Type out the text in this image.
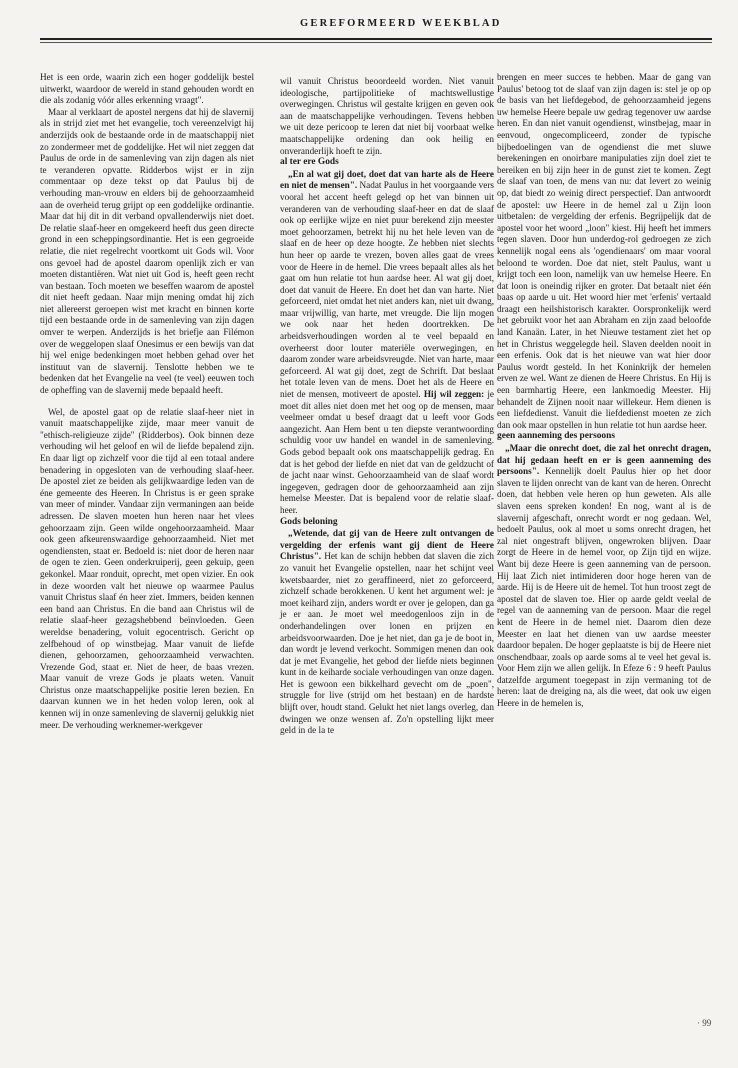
GEREFORMEERD WEEKBLAD

Het is een orde, waarin zich een hoger goddelijk bestel uitwerkt, waardoor de wereld in stand gehouden wordt en die als zodanig vóór alles erkenning vraagt".

Maar al verklaart de apostel nergens dat hij de slavernij als in strijd ziet met het evangelie, toch vereenzelvigt hij anderzijds ook de bestaande orde in de maatschappij niet zo zondermeer met de goddelijke. Het wil niet zeggen dat Paulus de orde in de samenleving van zijn dagen als niet te veranderen opvatte. Ridderbos wijst er in zijn commentaar op deze tekst op dat Paulus bij de verhouding man-vrouw en elders bij de gehoorzaamheid aan de overheid terug grijpt op een goddelijke ordinantie. Maar dat hij dit in dit verband opvallenderwijs niet doet. De relatie slaaf-heer en omgekeerd heeft dus geen directe grond in een scheppingsordinantie. Het is een gegroeide relatie, die niet regelrecht voortkomt uit Gods wil. Voor ons gevoel had de apostel daarom openlijk zich er van moeten distantiëren. Wat niet uit God is, heeft geen recht van bestaan. Toch moeten we beseffen waarom de apostel dit niet heeft gedaan. Naar mijn mening omdat hij zich niet allereerst geroepen wist met kracht en binnen korte tijd een bestaande orde in de samenleving van zijn dagen omver te werpen. Anderzijds is het briefje aan Filémon over de weggelopen slaaf Onesimus er een bewijs van dat hij wel enige bedenkingen moet hebben gehad over het instituut van de slavernij. Tenslotte hebben we te bedenken dat het Evangelie na veel (te veel) eeuwen toch de opheffing van de slavernij mede bepaald heeft.

Wel, de apostel gaat op de relatie slaaf-heer niet in vanuit maatschappelijke zijde, maar meer vanuit de "ethisch-religieuze zijde" (Ridderbos). Ook binnen deze verhouding wil het geloof en wil de liefde bepalend zijn. En daar ligt op zichzelf voor die tijd al een totaal andere benadering in opgesloten van de verhouding slaaf-heer. De apostel ziet ze beiden als gelijkwaardige leden van de éne gemeente des Heeren. In Christus is er geen sprake van meer of minder. Vandaar zijn vermaningen aan beide adressen. De slaven moeten hun heren naar het vlees gehoorzaam zijn. Geen wilde ongehoorzaamheid. Maar ook geen afkeurenswaardige gehoorzaamheid. Niet met ogendiensten, staat er. Bedoeld is: niet door de heren naar de ogen te zien. Geen onderkruiperij, geen gekuip, geen gekonkel. Maar ronduit, oprecht, met open vizier. En ook in deze woorden valt het nieuwe op waarmee Paulus vanuit Christus slaaf én heer ziet. Immers, beiden kennen een band aan Christus. En die band aan Christus wil de relatie slaaf-heer gezagshebbend beïnvloeden. Geen wereldse benadering, voluit egocentrisch. Gericht op zelfbehoud of op winstbejag. Maar vanuit de liefde dienen, gehoorzamen, gehoorzaamheid verwachten. Vrezende God, staat er. Niet de heer, de baas vrezen. Maar vanuit de vreze Gods je plaats weten. Vanuit Christus onze maatschappelijke positie leren bezien. En daarvan kunnen we in het heden volop leren, ook al kennen wij in onze samenleving de slavernij gelukkig niet meer. De verhouding werknemer-werkgever

wil vanuit Christus beoordeeld worden. Niet vanuit ideologische, partijpolitieke of machtswellustige overwegingen. Christus wil gestalte krijgen en geven ook aan de maatschappelijke verhoudingen. Tevens hebben we uit deze pericoop te leren dat niet bij voorbaat welke maatschappelijke ordening dan ook heilig en onveranderlijk hoeft te zijn.

al ter ere Gods

„En al wat gij doet, doet dat van harte als de Heere en niet de mensen". Nadat Paulus in het voorgaande vers vooral het accent heeft gelegd op het van binnen uit veranderen van de verhouding slaaf-heer en dat de slaaf ook op eerlijke wijze en niet puur berekend zijn meester moet gehoorzamen, betrekt hij nu het hele leven van de slaaf en de heer op deze hoogte. Ze hebben niet slechts hun heer op aarde te vrezen, boven alles gaat de vrees voor de Heere in de hemel. Die vrees bepaalt alles als het gaat om hun relatie tot hun aardse heer. Al wat gij doet, doet dat vanuit de Heere. En doet het dan van harte. Niet geforceerd, niet omdat het niet anders kan, niet uit dwang, maar vrijwillig, van harte, met vreugde. Die lijn mogen we ook naar het heden doortrekken. De arbeidsverhoudingen worden al te veel bepaald en overheerst door louter materiële overwegingen, en daarom zonder ware arbeidsvreugde. Niet van harte, maar geforceerd. Al wat gij doet, zegt de Schrift. Dat beslaat het totale leven van de mens. Doet het als de Heere en niet de mensen, motiveert de apostel. Hij wil zeggen: je moet dit alles niet doen met het oog op de mensen, maar veelmeer omdat u besef draagt dat u leeft voor Gods aangezicht. Aan Hem bent u ten diepste verantwoording schuldig voor uw handel en wandel in de samenleving. Gods gebod bepaalt ook ons maatschappelijk gedrag. En dat is het gebod der liefde en niet dat van de geldzucht of de jacht naar winst. Gehoorzaamheid van de slaaf wordt ingegeven, gedragen door de gehoorzaamheid aan zijn hemelse Meester. Dat is bepalend voor de relatie slaaf-heer.

Gods beloning

„Wetende, dat gij van de Heere zult ontvangen de vergelding der erfenis want gij dient de Heere Christus". Het kan de schijn hebben dat slaven die zich zo vanuit het Evangelie opstellen, naar het schijnt veel kwetsbaarder, niet zo geraffineerd, niet zo geforceerd, zichzelf schade berokkenen. U kent het argument wel: je moet keihard zijn, anders wordt er over je gelopen, dan ga je er aan. Je moet wel meedogenloos zijn in de onderhandelingen over lonen en prijzen en arbeidsvoorwaarden. Doe je het niet, dan ga je de boot in, dan wordt je levend verkocht. Sommigen menen dan ook dat je met Evangelie, het gebod der liefde niets beginnen kunt in de keiharde sociale verhoudingen van onze dagen. Het is gewoon een bikkelhard gevecht om de „poen", struggle for live (strijd om het bestaan) en de hardste blijft over, houdt stand. Gelukt het niet langs overleg, dan dwingen we onze wensen af. Zo'n opstelling lijkt meer geld in de la te

brengen en meer succes te hebben. Maar de gang van Paulus' betoog tot de slaaf van zijn dagen is: stel je op op de basis van het liefdegebod, de gehoorzaamheid jegens uw hemelse Heere bepale uw gedrag tegenover uw aardse heren. En dan niet vanuit ogendienst, winstbejag, maar in eenvoud, ongecompliceerd, zonder de typische bijbedoelingen van de ogendienst die met sluwe berekeningen en onoirbare manipulaties zijn doel ziet te bereiken en bij zijn heer in de gunst ziet te komen. Zegt de slaaf van toen, de mens van nu: dat levert zo weinig op, dat biedt zo weinig direct perspectief. Dan antwoordt de apostel: uw Heere in de hemel zal u Zijn loon uitbetalen: de vergelding der erfenis. Begrijpelijk dat de apostel voor het woord „loon" kiest. Hij heeft het immers tegen slaven. Door hun underdog-rol gedroegen ze zich kennelijk nogal eens als 'ogendienaars' om maar vooral beloond te worden. Doe dat niet, stelt Paulus, want u krijgt toch een loon, namelijk van uw hemelse Heere. En dat loon is oneindig rijker en groter. Dat betaalt niet één baas op aarde u uit. Het woord hier met 'erfenis' vertaald draagt een heilshistorisch karakter. Oorspronkelijk werd het gebruikt voor het aan Abraham en zijn zaad beloofde land Kanaän. Later, in het Nieuwe testament ziet het op het in Christus weggelegde heil. Slaven deelden nooit in een erfenis. Ook dat is het nieuwe van wat hier door Paulus wordt gesteld. In het Koninkrijk der hemelen erven ze wel. Want ze dienen de Heere Christus. En Hij is een barmhartig Heere, een lankmoedig Meester. Hij behandelt de Zijnen nooit naar willekeur. Hem dienen is een liefdedienst. Vanuit die liefdedienst moeten ze zich dan ook maar opstellen in hun relatie tot hun aardse heer.

geen aanneming des persoons

„Maar die onrecht doet, die zal het onrecht dragen, dat hij gedaan heeft en er is geen aanneming des persoons". Kennelijk doelt Paulus hier op het door slaven te lijden onrecht van de kant van de heren. Onrecht doen, dat hebben vele heren op hun geweten. Als alle slaven eens spreken konden! En nog, want al is de slavernij afgeschaft, onrecht wordt er nog gedaan. Wel, bedoelt Paulus, ook al moet u soms onrecht dragen, het zal niet ongestraft blijven, ongewroken blijven. Daar zorgt de Heere in de hemel voor, op Zijn tijd en wijze. Want bij deze Heere is geen aanneming van de persoon. Hij laat Zich niet intimideren door hoge heren van de aarde. Hij is de Heere uit de hemel. Tot hun troost zegt de apostel dat de slaven toe. Hier op aarde geldt veelal de regel van de aanneming van de persoon. Maar die regel kent de Heere in de hemel niet. Daarom dien deze Meester en laat het dienen van uw aardse meester daardoor bepalen. De hoger geplaatste is bij de Heere niet onschendbaar, zoals op aarde soms al te veel het geval is. Voor Hem zijn we allen gelijk. In Efeze 6 : 9 heeft Paulus datzelfde argument toegepast in zijn vermaning tot de heren: laat de dreiging na, als die weet, dat ook uw eigen Heere in de hemelen is,

· 99
